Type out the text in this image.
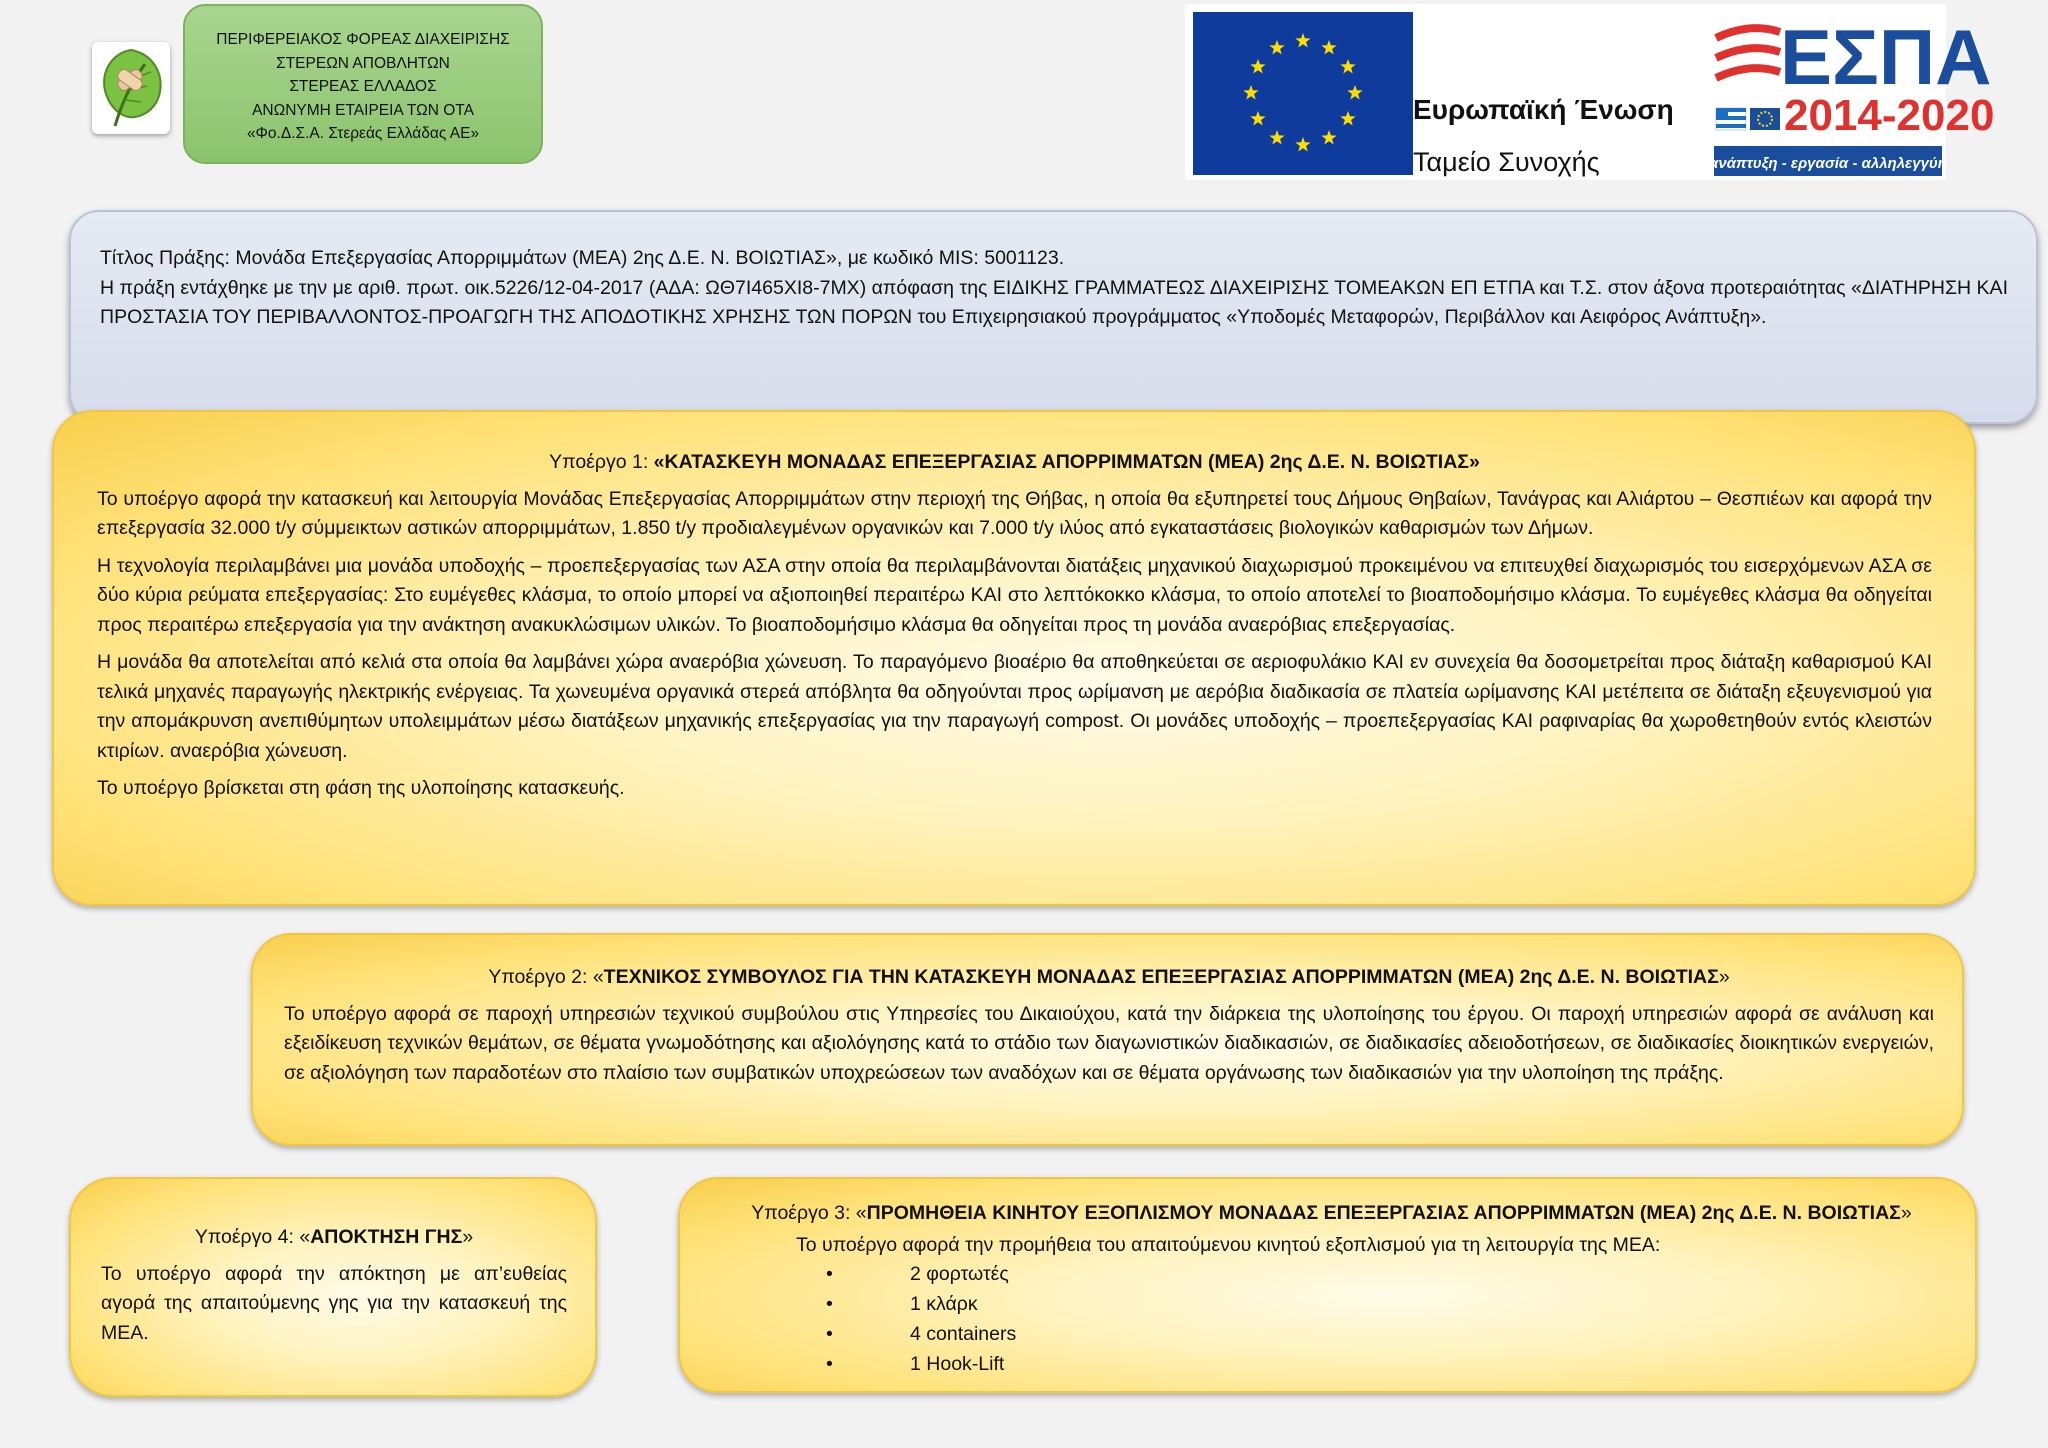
ΠΕΡΙΦΕΡΕΙΑΚΟΣ ΦΟΡΕΑΣ ΔΙΑΧΕΙΡΙΣΗΣ
ΣΤΕΡΕΩΝ ΑΠΟΒΛΗΤΩΝ
ΣΤΕΡΕΑΣ ΕΛΛΑΔΟΣ
ΑΝΩΝΥΜΗ ΕΤΑΙΡΕΙΑ ΤΩΝ ΟΤΑ
«Φο.Δ.Σ.Α. Στερεάς Ελλάδας ΑΕ»
Ευρωπαϊκή Ένωση
Ταμείο Συνοχής
ΕΣΠΑ
2014-2020
ανάπτυξη - εργασία - αλληλεγγύη

Τίτλος Πράξης: Μονάδα Επεξεργασίας Απορριμμάτων (ΜΕΑ) 2ης Δ.Ε. Ν. ΒΟΙΩΤΙΑΣ», με κωδικό MIS: 5001123.

Η πράξη εντάχθηκε με την με αριθ. πρωτ. οικ.5226/12-04-2017 (ΑΔΑ: ΩΘ7Ι465ΧΙ8-7ΜΧ) απόφαση της ΕΙΔΙΚΗΣ ΓΡΑΜΜΑΤΕΩΣ ΔΙΑΧΕΙΡΙΣΗΣ ΤΟΜΕΑΚΩΝ ΕΠ ΕΤΠΑ και Τ.Σ. στον άξονα προτεραιότητας «ΔΙΑΤΗΡΗΣΗ ΚΑΙ ΠΡΟΣΤΑΣΙΑ ΤΟΥ ΠΕΡΙΒΑΛΛΟΝΤΟΣ-ΠΡΟΑΓΩΓΗ ΤΗΣ ΑΠΟΔΟΤΙΚΗΣ ΧΡΗΣΗΣ ΤΩΝ ΠΟΡΩΝ του Επιχειρησιακού προγράμματος «Υποδομές Μεταφορών, Περιβάλλον και Αειφόρος Ανάπτυξη».

Υποέργο 1: «ΚΑΤΑΣΚΕΥΗ ΜΟΝΑΔΑΣ ΕΠΕΞΕΡΓΑΣΙΑΣ ΑΠΟΡΡΙΜΜΑΤΩΝ (ΜΕΑ) 2ης Δ.Ε. Ν. ΒΟΙΩΤΙΑΣ»

Το υποέργο αφορά την κατασκευή και λειτουργία Μονάδας Επεξεργασίας Απορριμμάτων στην περιοχή της Θήβας, η οποία θα εξυπηρετεί τους Δήμους Θηβαίων, Τανάγρας και Αλιάρτου – Θεσπιέων και αφορά την επεξεργασία 32.000 t/y σύμμεικτων αστικών απορριμμάτων, 1.850 t/y προδιαλεγμένων οργανικών και 7.000 t/y ιλύος από εγκαταστάσεις βιολογικών καθαρισμών των Δήμων.

Η τεχνολογία περιλαμβάνει μια μονάδα υποδοχής – προεπεξεργασίας των ΑΣΑ στην οποία θα περιλαμβάνονται διατάξεις μηχανικού διαχωρισμού προκειμένου να επιτευχθεί διαχωρισμός του εισερχόμενων ΑΣΑ σε δύο κύρια ρεύματα επεξεργασίας: Στο ευμέγεθες κλάσμα, το οποίο μπορεί να αξιοποιηθεί περαιτέρω ΚΑΙ στο λεπτόκοκκο κλάσμα, το οποίο αποτελεί το βιοαποδομήσιμο κλάσμα. Το ευμέγεθες κλάσμα θα οδηγείται προς περαιτέρω επεξεργασία για την ανάκτηση ανακυκλώσιμων υλικών. Το βιοαποδομήσιμο κλάσμα θα οδηγείται προς τη μονάδα αναερόβιας επεξεργασίας.

Η μονάδα θα αποτελείται από κελιά στα οποία θα λαμβάνει χώρα αναερόβια χώνευση. Το παραγόμενο βιοαέριο θα αποθηκεύεται σε αεριοφυλάκιο ΚΑΙ εν συνεχεία θα δοσομετρείται προς διάταξη καθαρισμού ΚΑΙ τελικά μηχανές παραγωγής ηλεκτρικής ενέργειας. Τα χωνευμένα οργανικά στερεά απόβλητα θα οδηγούνται προς ωρίμανση με αερόβια διαδικασία σε πλατεία ωρίμανσης ΚΑΙ μετέπειτα σε διάταξη εξευγενισμού για την απομάκρυνση ανεπιθύμητων υπολειμμάτων μέσω διατάξεων μηχανικής επεξεργασίας για την παραγωγή compost. Οι μονάδες υποδοχής – προεπεξεργασίας ΚΑΙ ραφιναρίας θα χωροθετηθούν εντός κλειστών κτιρίων. αναερόβια χώνευση.

Το υποέργο βρίσκεται στη φάση της υλοποίησης κατασκευής.

Υποέργο 2: «ΤΕΧΝΙΚΟΣ ΣΥΜΒΟΥΛΟΣ ΓΙΑ ΤΗΝ ΚΑΤΑΣΚΕΥΗ ΜΟΝΑΔΑΣ ΕΠΕΞΕΡΓΑΣΙΑΣ ΑΠΟΡΡΙΜΜΑΤΩΝ (ΜΕΑ) 2ης Δ.Ε. Ν. ΒΟΙΩΤΙΑΣ»

Το υποέργο αφορά σε παροχή υπηρεσιών τεχνικού συμβούλου στις Υπηρεσίες του Δικαιούχου, κατά την διάρκεια της υλοποίησης του έργου. Οι παροχή υπηρεσιών αφορά σε ανάλυση και εξειδίκευση τεχνικών θεμάτων, σε θέματα γνωμοδότησης και αξιολόγησης κατά το στάδιο των διαγωνιστικών διαδικασιών, σε διαδικασίες αδειοδοτήσεων, σε διαδικασίες διοικητικών ενεργειών, σε αξιολόγηση των παραδοτέων στο πλαίσιο των συμβατικών υποχρεώσεων των αναδόχων και σε θέματα οργάνωσης των διαδικασιών για την υλοποίηση της πράξης.

Υποέργο 4: «ΑΠΟΚΤΗΣΗ ΓΗΣ»

Το υποέργο αφορά την απόκτηση με απ’ευθείας αγορά της απαιτούμενης γης για την κατασκευή της ΜΕΑ.

Υποέργο 3: «ΠΡΟΜΗΘΕΙΑ ΚΙΝΗΤΟΥ ΕΞΟΠΛΙΣΜΟΥ ΜΟΝΑΔΑΣ ΕΠΕΞΕΡΓΑΣΙΑΣ ΑΠΟΡΡΙΜΜΑΤΩΝ (ΜΕΑ) 2ης Δ.Ε. Ν. ΒΟΙΩΤΙΑΣ»

Το υποέργο αφορά την προμήθεια του απαιτούμενου κινητού εξοπλισμού για τη λειτουργία της ΜΕΑ:

•	2 φορτωτές
•	1 κλάρκ
•	4 containers
•	1 Hook-Lift
